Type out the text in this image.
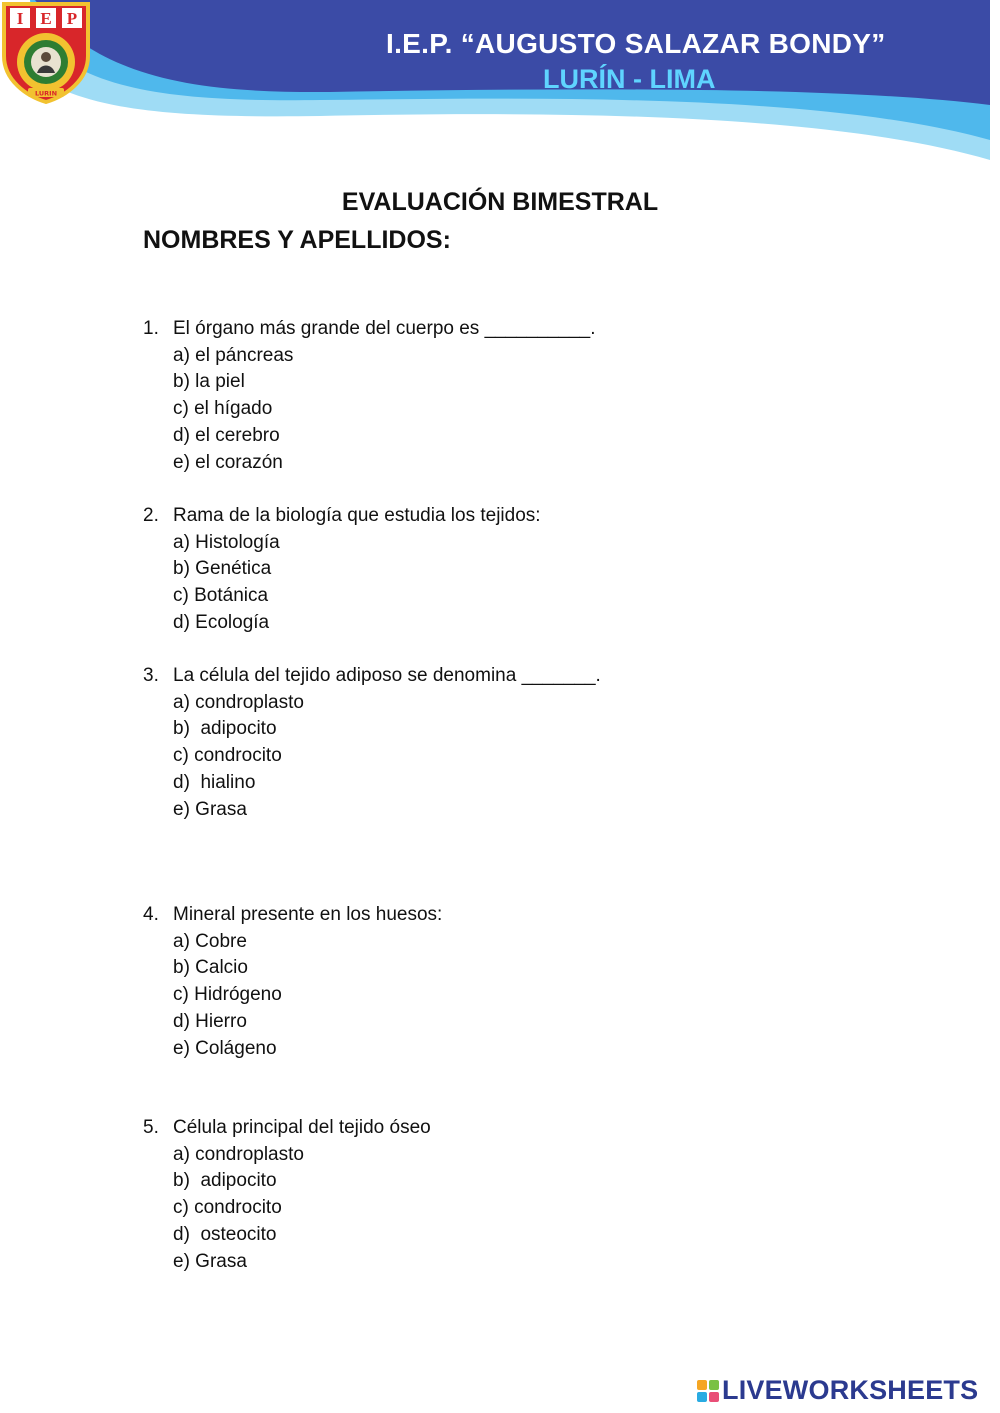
I E P
LURIN
I.E.P. “AUGUSTO SALAZAR BONDY”
LURÍN - LIMA
EVALUACIÓN BIMESTRAL
NOMBRES Y APELLIDOS:
1. El órgano más grande del cuerpo es __________.
a) el páncreas
b) la piel
c) el hígado
d) el cerebro
e) el corazón
2. Rama de la biología que estudia los tejidos:
a) Histología
b) Genética
c) Botánica
d) Ecología
3. La célula del tejido adiposo se denomina _______.
a) condroplasto
b)  adipocito
c) condrocito
d)  hialino
e) Grasa
4. Mineral presente en los huesos:
a) Cobre
b) Calcio
c) Hidrógeno
d) Hierro
e) Colágeno
5. Célula principal del tejido óseo
a) condroplasto
b)  adipocito
c) condrocito
d)  osteocito
e) Grasa
LIVEWORKSHEETS
